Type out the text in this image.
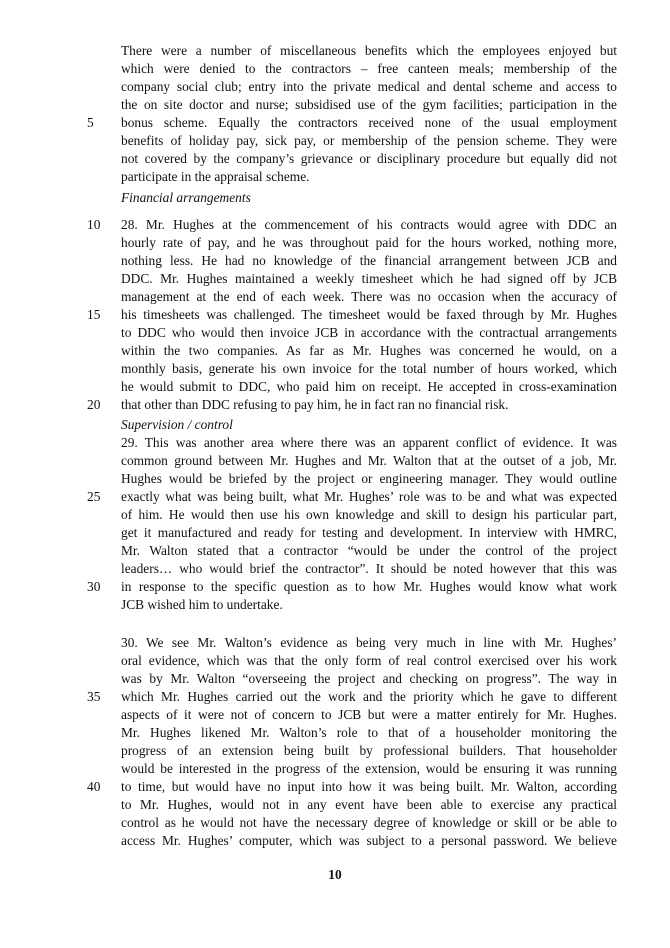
10
There were a number of miscellaneous benefits which the employees enjoyed but
which were denied to the contractors – free canteen meals; membership of the
company social club; entry into the private medical and dental scheme and access to
the on site doctor and nurse; subsidised use of the gym facilities; participation in the
bonus scheme. Equally the contractors received none of the usual employment
benefits of holiday pay, sick pay, or membership of the pension scheme. They were
not covered by the company’s grievance or disciplinary procedure but equally did not
participate in the appraisal scheme.
28. Mr. Hughes at the commencement of his contracts would agree with DDC an
hourly rate of pay, and he was throughout paid for the hours worked, nothing more,
nothing less. He had no knowledge of the financial arrangement between JCB and
DDC. Mr. Hughes maintained a weekly timesheet which he had signed off by JCB
management at the end of each week. There was no occasion when the accuracy of
his timesheets was challenged. The timesheet would be faxed through by Mr. Hughes
to DDC who would then invoice JCB in accordance with the contractual arrangements
within the two companies. As far as Mr. Hughes was concerned he would, on a
monthly basis, generate his own invoice for the total number of hours worked, which
he would submit to DDC, who paid him on receipt. He accepted in cross-examination
that other than DDC refusing to pay him, he in fact ran no financial risk.
29. This was another area where there was an apparent conflict of evidence. It was
common ground between Mr. Hughes and Mr. Walton that at the outset of a job, Mr.
Hughes would be briefed by the project or engineering manager. They would outline
exactly what was being built, what Mr. Hughes’ role was to be and what was expected
of him. He would then use his own knowledge and skill to design his particular part,
get it manufactured and ready for testing and development. In interview with HMRC,
Mr. Walton stated that a contractor “would be under the control of the project
leaders… who would brief the contractor”. It should be noted however that this was
in response to the specific question as to how Mr. Hughes would know what work
JCB wished him to undertake.
30. We see Mr. Walton’s evidence as being very much in line with Mr. Hughes’
oral evidence, which was that the only form of real control exercised over his work
was by Mr. Walton “overseeing the project and checking on progress”. The way in
which Mr. Hughes carried out the work and the priority which he gave to different
aspects of it were not of concern to JCB but were a matter entirely for Mr. Hughes.
Mr. Hughes likened Mr. Walton’s role to that of a householder monitoring the
progress of an extension being built by professional builders. That householder
would be interested in the progress of the extension, would be ensuring it was running
to time, but would have no input into how it was being built. Mr. Walton, according
to Mr. Hughes, would not in any event have been able to exercise any practical
control as he would not have the necessary degree of knowledge or skill or be able to
access Mr. Hughes’ computer, which was subject to a personal password. We believe
Financial arrangements
Supervision / control
5
10
15
20
25
30
35
40
